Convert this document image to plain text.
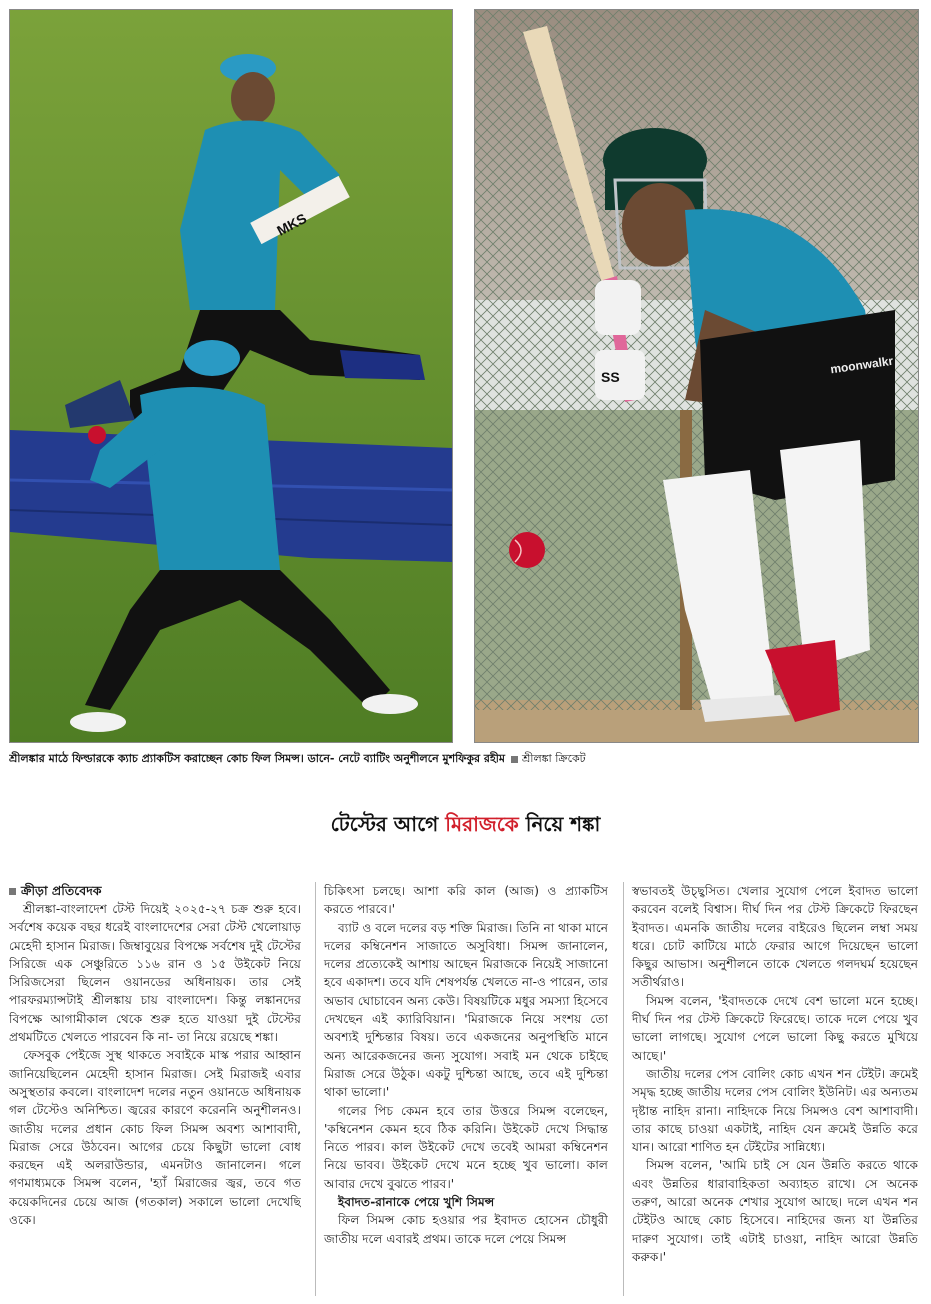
MKS
SS
moonwalkr
শ্রীলঙ্কার মাঠে ফিল্ডারকে ক্যাচ প্র্যাকটিস করাচ্ছেন কোচ ফিল সিমন্স। ডানে- নেটে ব্যাটিং অনুশীলনে মুশফিকুর রহীম শ্রীলঙ্কা ক্রিকেট
টেস্টের আগে মিরাজকে নিয়ে শঙ্কা
ক্রীড়া প্রতিবেদক

শ্রীলঙ্কা-বাংলাদেশ টেস্ট দিয়েই ২০২৫-২৭ চক্র শুরু হবে। সর্বশেষ কয়েক বছর ধরেই বাংলাদেশের সেরা টেস্ট খেলোয়াড় মেহেদী হাসান মিরাজ। জিম্বাবুয়ের বিপক্ষে সর্বশেষ দুই টেস্টের সিরিজে এক সেঞ্চুরিতে ১১৬ রান ও ১৫ উইকেট নিয়ে সিরিজসেরা ছিলেন ওয়ানডের অধিনায়ক। তার সেই পারফরম্যান্সটাই শ্রীলঙ্কায় চায় বাংলাদেশ। কিন্তু লঙ্কানদের বিপক্ষে আগামীকাল থেকে শুরু হতে যাওয়া দুই টেস্টের প্রথমটিতে খেলতে পারবেন কি না- তা নিয়ে রয়েছে শঙ্কা।

ফেসবুক পেইজে সুস্থ থাকতে সবাইকে মাস্ক পরার আহ্বান জানিয়েছিলেন মেহেদী হাসান মিরাজ। সেই মিরাজই এবার অসুস্থতার কবলে। বাংলাদেশ দলের নতুন ওয়ানডে অধিনায়ক গল টেস্টেও অনিশ্চিত। জ্বরের কারণে করেননি অনুশীলনও। জাতীয় দলের প্রধান কোচ ফিল সিমন্স অবশ্য আশাবাদী, মিরাজ সেরে উঠবেন। আগের চেয়ে কিছুটা ভালো বোধ করছেন এই অলরাউন্ডার, এমনটাও জানালেন। গলে গণমাধ্যমকে সিমন্স বলেন, 'হ্যাঁ মিরাজের জ্বর, তবে গত কয়েকদিনের চেয়ে আজ (গতকাল) সকালে ভালো দেখেছি ওকে।

চিকিৎসা চলছে। আশা করি কাল (আজ) ও প্র্যাকটিস করতে পারবে।'

ব্যাট ও বলে দলের বড় শক্তি মিরাজ। তিনি না থাকা মানে দলের কম্বিনেশন সাজাতে অসুবিধা। সিমন্স জানালেন, দলের প্রত্যেকেই আশায় আছেন মিরাজকে নিয়েই সাজানো হবে একাদশ। তবে যদি শেষপর্যন্ত খেলতে না-ও পারেন, তার অভাব ঘোচাবেন অন্য কেউ। বিষয়টিকে মধুর সমস্যা হিসেবে দেখছেন এই ক্যারিবিয়ান। 'মিরাজকে নিয়ে সংশয় তো অবশ্যই দুশ্চিন্তার বিষয়। তবে একজনের অনুপস্থিতি মানে অন্য আরেকজনের জন্য সুযোগ। সবাই মন থেকে চাইছে মিরাজ সেরে উঠুক। একটু দুশ্চিন্তা আছে, তবে এই দুশ্চিন্তা থাকা ভালো।'

গলের পিচ কেমন হবে তার উত্তরে সিমন্স বলেছেন, 'কম্বিনেশন কেমন হবে ঠিক করিনি। উইকেট দেখে সিদ্ধান্ত নিতে পারব। কাল উইকেট দেখে তবেই আমরা কম্বিনেশন নিয়ে ভাবব। উইকেট দেখে মনে হচ্ছে খুব ভালো। কাল আবার দেখে বুঝতে পারব।'

ইবাদত-রানাকে পেয়ে খুশি সিমন্স

ফিল সিমন্স কোচ হওয়ার পর ইবাদত হোসেন চৌধুরী জাতীয় দলে এবারই প্রথম। তাকে দলে পেয়ে সিমন্স

স্বভাবতই উচ্ছ্বসিত। খেলার সুযোগ পেলে ইবাদত ভালো করবেন বলেই বিশ্বাস। দীর্ঘ দিন পর টেস্ট ক্রিকেটে ফিরছেন ইবাদত। এমনকি জাতীয় দলের বাইরেও ছিলেন লম্বা সময় ধরে। চোট কাটিয়ে মাঠে ফেরার আগে দিয়েছেন ভালো কিছুর আভাস। অনুশীলনে তাকে খেলতে গলদঘর্ম হয়েছেন সতীর্থরাও।

সিমন্স বলেন, 'ইবাদতকে দেখে বেশ ভালো মনে হচ্ছে। দীর্ঘ দিন পর টেস্ট ক্রিকেটে ফিরেছে। তাকে দলে পেয়ে খুব ভালো লাগছে। সুযোগ পেলে ভালো কিছু করতে মুখিয়ে আছে।'

জাতীয় দলের পেস বোলিং কোচ এখন শন টেইট। ক্রমেই সমৃদ্ধ হচ্ছে জাতীয় দলের পেস বোলিং ইউনিট। এর অন্যতম দৃষ্টান্ত নাহিদ রানা। নাহিদকে নিয়ে সিমন্সও বেশ আশাবাদী। তার কাছে চাওয়া একটাই, নাহিদ যেন ক্রমেই উন্নতি করে যান। আরো শাণিত হন টেইটের সান্নিধ্যে।

সিমন্স বলেন, 'আমি চাই সে যেন উন্নতি করতে থাকে এবং উন্নতির ধারাবাহিকতা অব্যাহত রাখে। সে অনেক তরুণ, আরো অনেক শেখার সুযোগ আছে। দলে এখন শন টেইটও আছে কোচ হিসেবে। নাহিদের জন্য যা উন্নতির দারুণ সুযোগ। তাই এটাই চাওয়া, নাহিদ আরো উন্নতি করুক।'
